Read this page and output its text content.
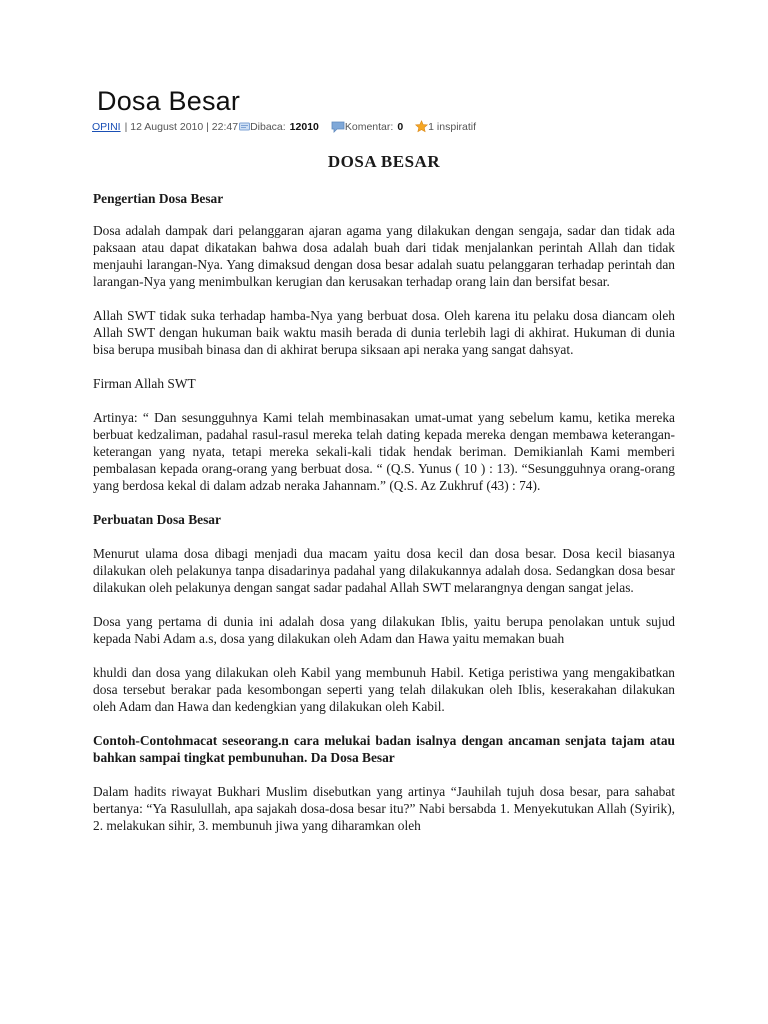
Dosa Besar
OPINI | 12 August 2010 | 22:47 Dibaca: 12010 Komentar: 0 1 inspiratif
DOSA BESAR
Pengertian Dosa Besar

Dosa adalah dampak dari pelanggaran ajaran agama yang dilakukan dengan sengaja, sadar dan tidak ada paksaan atau dapat dikatakan bahwa dosa adalah buah dari tidak menjalankan perintah Allah dan tidak menjauhi larangan-Nya. Yang dimaksud dengan dosa besar adalah suatu pelanggaran terhadap perintah dan larangan-Nya yang menimbulkan kerugian dan kerusakan terhadap orang lain dan bersifat besar.

Allah SWT tidak suka terhadap hamba-Nya yang berbuat dosa. Oleh karena itu pelaku dosa diancam oleh Allah SWT dengan hukuman baik waktu masih berada di dunia terlebih lagi di akhirat. Hukuman di dunia bisa berupa musibah binasa dan di akhirat berupa siksaan api neraka yang sangat dahsyat.

Firman Allah SWT

Artinya: “ Dan sesungguhnya Kami telah membinasakan umat-umat yang sebelum kamu, ketika mereka berbuat kedzaliman, padahal rasul-rasul mereka telah dating kepada mereka dengan membawa keterangan-keterangan yang nyata, tetapi mereka sekali-kali tidak hendak beriman. Demikianlah Kami memberi pembalasan kepada orang-orang yang berbuat dosa. “ (Q.S. Yunus ( 10 ) : 13). “Sesungguhnya orang-orang yang berdosa kekal di dalam adzab neraka Jahannam.” (Q.S. Az Zukhruf (43) : 74).

Perbuatan Dosa Besar

Menurut ulama dosa dibagi menjadi dua macam yaitu dosa kecil dan dosa besar. Dosa kecil biasanya dilakukan oleh pelakunya tanpa disadarinya padahal yang dilakukannya adalah dosa. Sedangkan dosa besar dilakukan oleh pelakunya dengan sangat sadar padahal Allah SWT melarangnya dengan sangat jelas.

Dosa yang pertama di dunia ini adalah dosa yang dilakukan Iblis, yaitu berupa penolakan untuk sujud kepada Nabi Adam a.s, dosa yang dilakukan oleh Adam dan Hawa yaitu memakan buah

khuldi dan dosa yang dilakukan oleh Kabil yang membunuh Habil. Ketiga peristiwa yang mengakibatkan dosa tersebut berakar pada kesombongan seperti yang telah dilakukan oleh Iblis, keserakahan dilakukan oleh Adam dan Hawa dan kedengkian yang dilakukan oleh Kabil.

Contoh-Contohmacat seseorang.n cara melukai badan isalnya dengan ancaman senjata tajam atau bahkan sampai tingkat pembunuhan. Da Dosa Besar

Dalam hadits riwayat Bukhari Muslim disebutkan yang artinya “Jauhilah tujuh dosa besar, para sahabat bertanya: “Ya Rasulullah, apa sajakah dosa-dosa besar itu?” Nabi bersabda 1. Menyekutukan Allah (Syirik), 2. melakukan sihir, 3. membunuh jiwa yang diharamkan oleh
